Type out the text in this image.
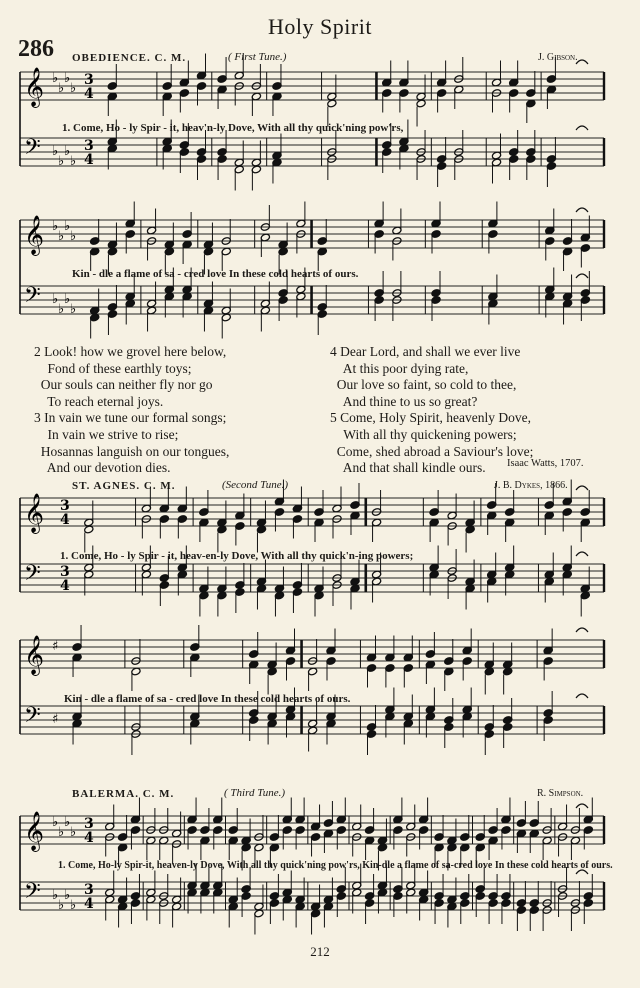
Holy Spirit
286 OBEDIENCE. C. M.	( First Tune.)	J. Gibson.
1. Come, Ho - ly Spir - it, heav'n-ly Dove, With all thy quick'ning pow'rs,
Kin - dle a flame of sa - cred love In these cold hearts of ours.
2 Look! how we grovel here below,
Fond of these earthly toys;
Our souls can neither fly nor go
To reach eternal joys.
3 In vain we tune our formal songs;
In vain we strive to rise;
Hosannas languish on our tongues,
And our devotion dies.
4 Dear Lord, and shall we ever live
At this poor dying rate,
Our love so faint, so cold to thee,
And thine to us so great?
5 Come, Holy Spirit, heavenly Dove,
With all thy quickening powers;
Come, shed abroad a Saviour's love;
And that shall kindle ours.	Isaac Watts, 1707.
ST. AGNES. C. M.	(Second Tune.)	J. B. Dykes, 1866.
1. Come, Ho - ly Spir - it, heav-en-ly Dove, With all thy quick'n-ing powers;
Kin - dle a flame of sa - cred love In these cold hearts of ours.
BALERMA. C. M.	( Third Tune.)	R. Simpson.
1. Come, Ho-ly Spir-it, heaven-ly Dove, With all thy quick'ning pow'rs, Kin-dle a flame of sa-cred love In these cold hearts of ours.
212
𝄞
𝄢
♭
♭
♭
♭
♭
♭
♭
♭
3
4
3
4
𝄞
𝄢
♭
♭
♭
♭
♭
♭
♭
♭
𝄞
𝄢
3
4
3
4
𝄞
𝄢
♯
♯
𝄞
𝄢
♭
♭
♭
♭
♭
♭
♭
♭
3
4
3
4
